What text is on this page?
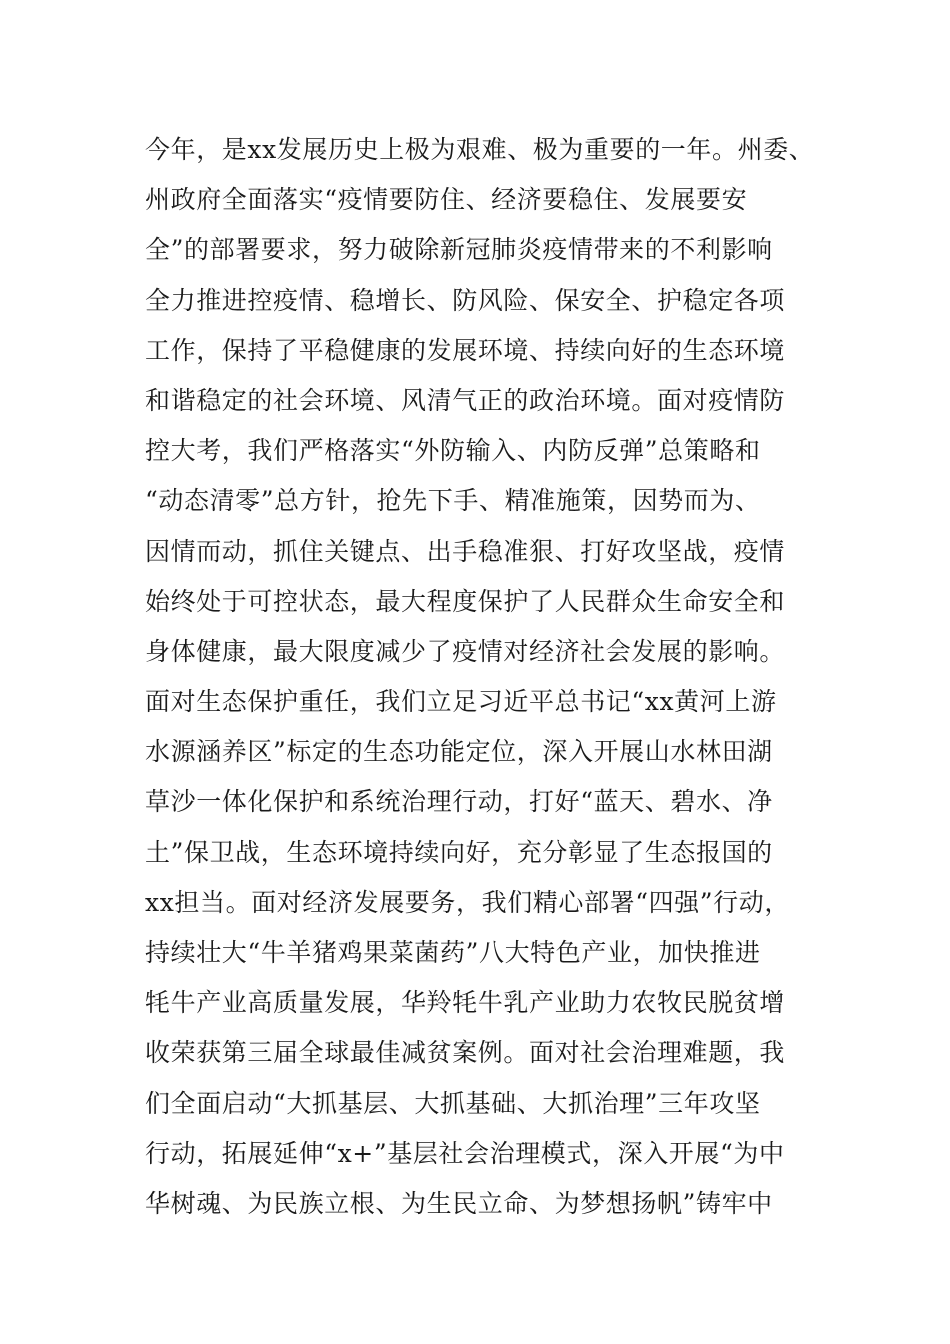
今年，是xx发展历史上极为艰难、极为重要的一年。州委、
州政府全面落实“疫情要防住、经济要稳住、发展要安
全”的部署要求，努力破除新冠肺炎疫情带来的不利影响
全力推进控疫情、稳增长、防风险、保安全、护稳定各项
工作，保持了平稳健康的发展环境、持续向好的生态环境
和谐稳定的社会环境、风清气正的政治环境。面对疫情防
控大考，我们严格落实“外防输入、内防反弹”总策略和
“动态清零”总方针，抢先下手、精准施策，因势而为、
因情而动，抓住关键点、出手稳准狠、打好攻坚战，疫情
始终处于可控状态，最大程度保护了人民群众生命安全和
身体健康，最大限度减少了疫情对经济社会发展的影响。
面对生态保护重任，我们立足习近平总书记“xx黄河上游
水源涵养区”标定的生态功能定位，深入开展山水林田湖
草沙一体化保护和系统治理行动，打好“蓝天、碧水、净
土”保卫战，生态环境持续向好，充分彰显了生态报国的
xx担当。面对经济发展要务，我们精心部署“四强”行动，
持续壮大“牛羊猪鸡果菜菌药”八大特色产业，加快推进
牦牛产业高质量发展，华羚牦牛乳产业助力农牧民脱贫增
收荣获第三届全球最佳减贫案例。面对社会治理难题，我
们全面启动“大抓基层、大抓基础、大抓治理”三年攻坚
行动，拓展延伸“x+”基层社会治理模式，深入开展“为中
华树魂、为民族立根、为生民立命、为梦想扬帆”铸牢中
